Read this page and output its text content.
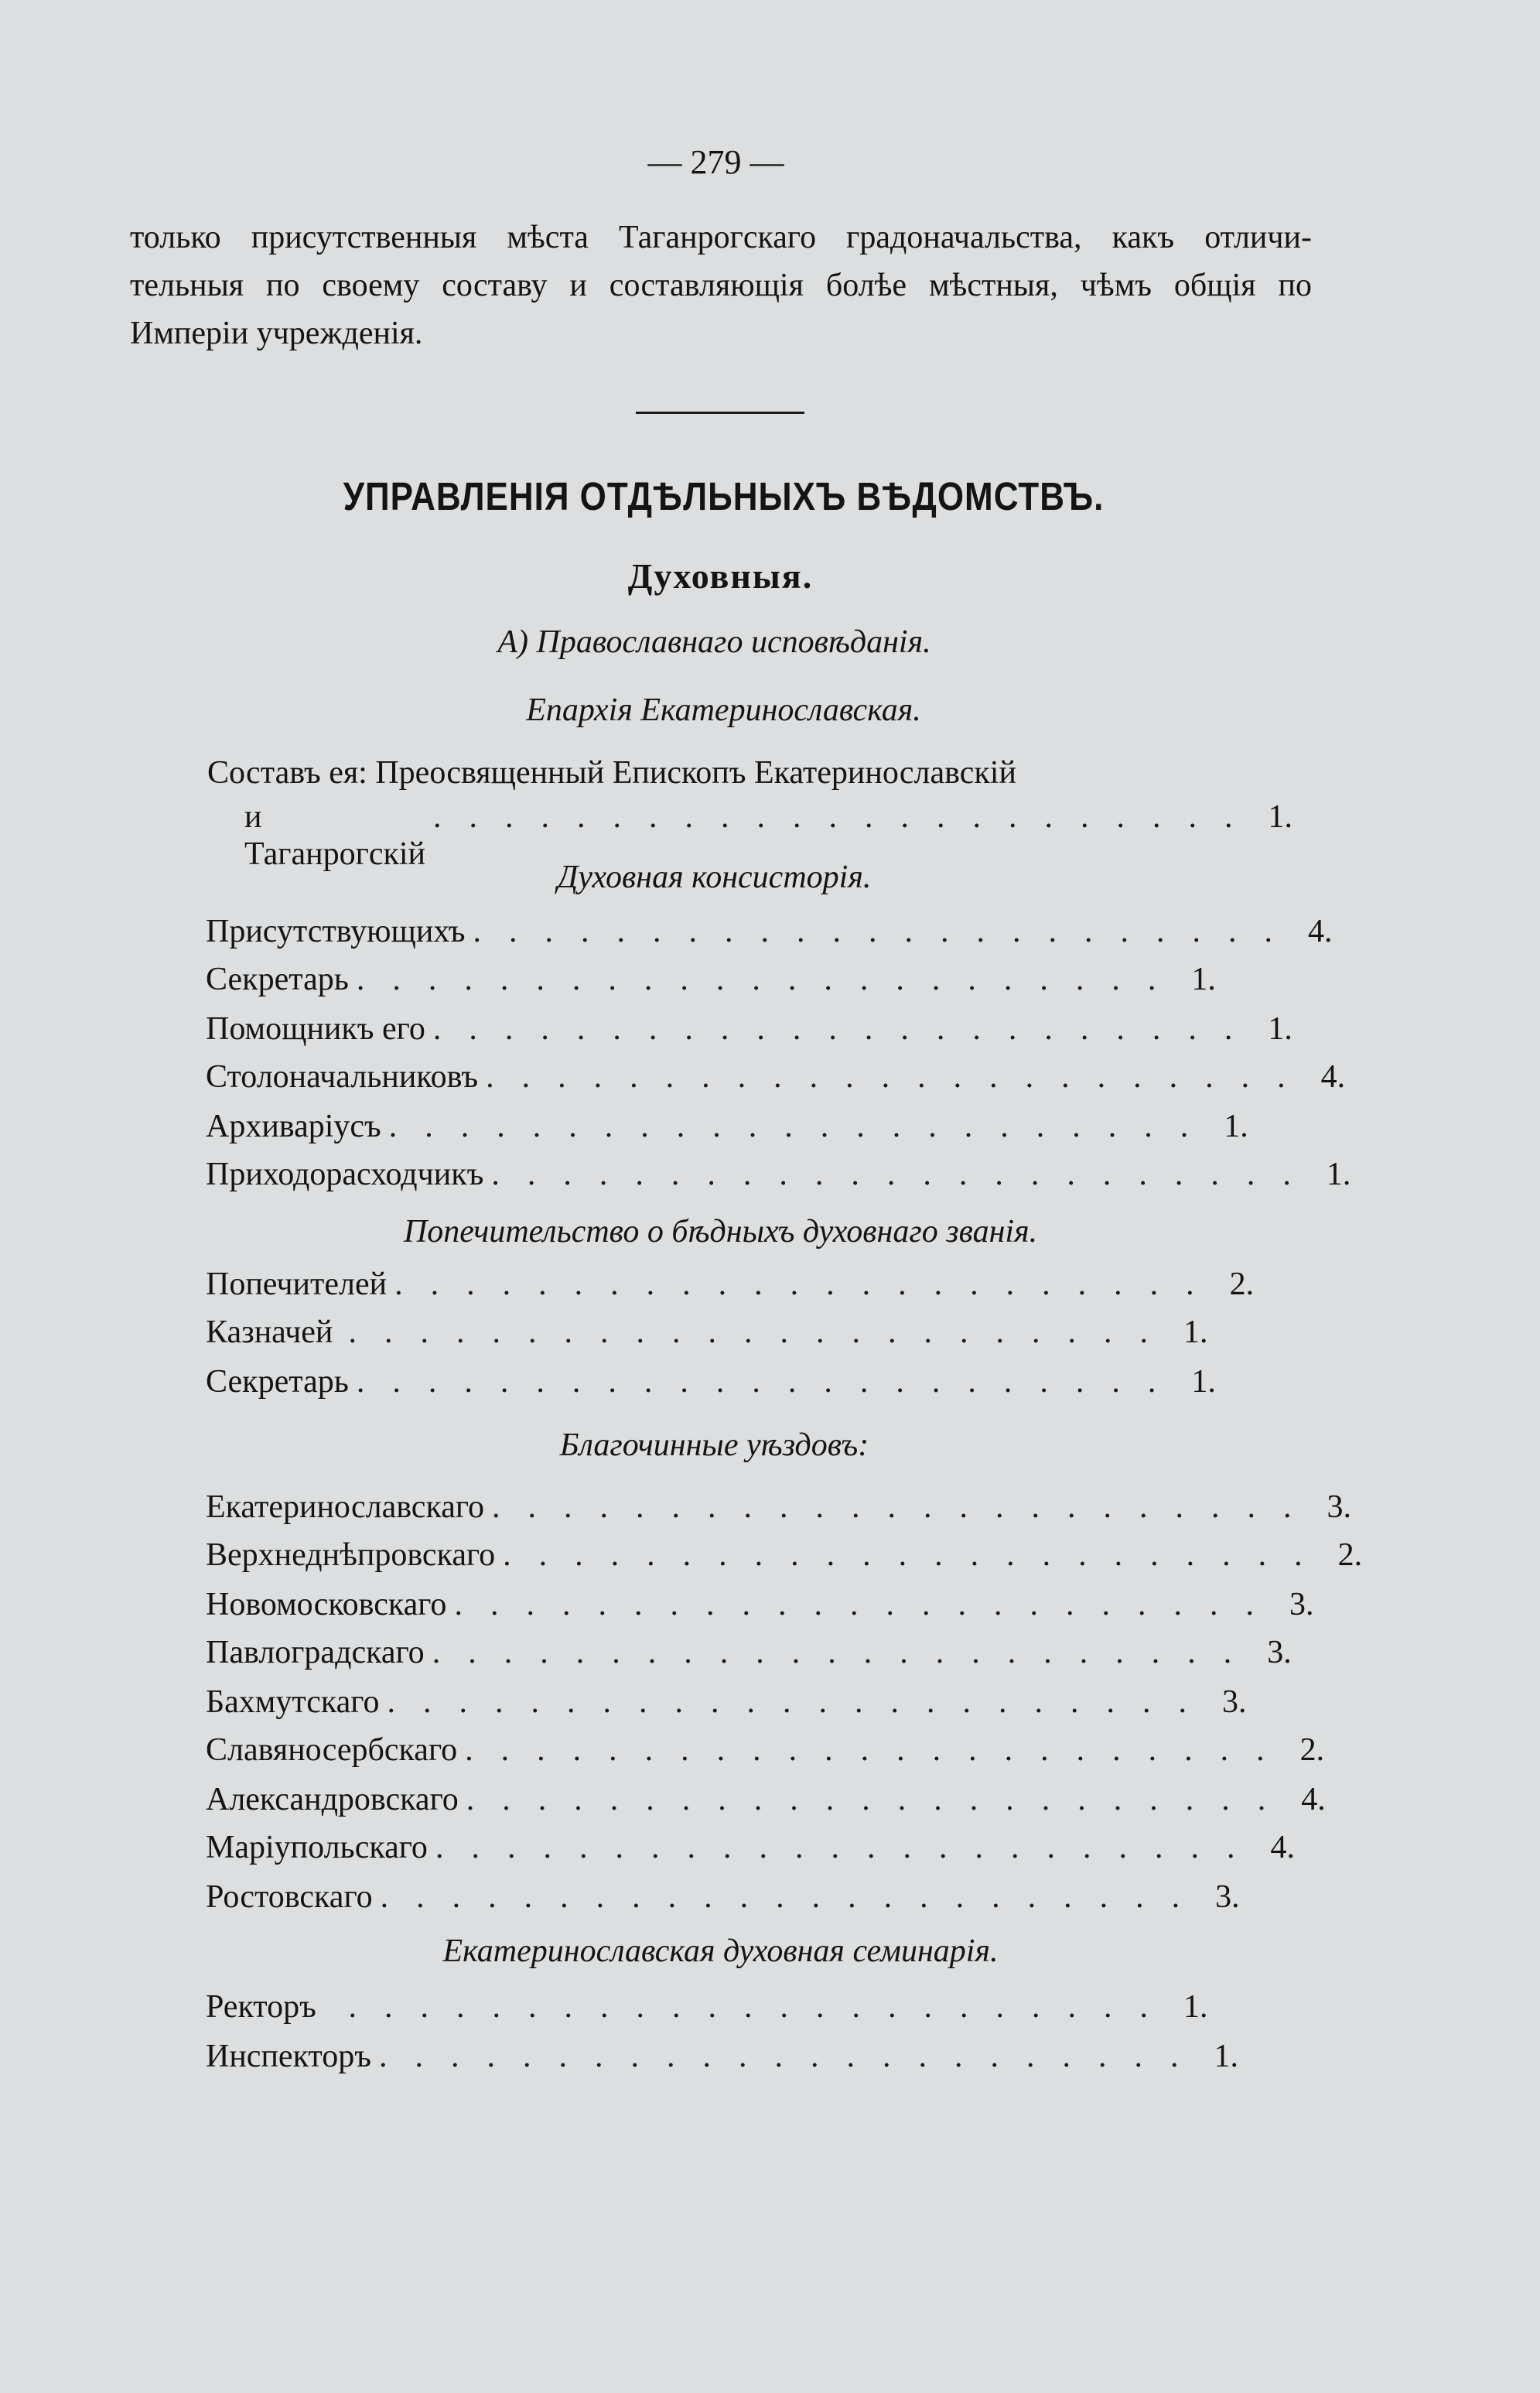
— 279 —
только присутственныя мѣста Таганрогскаго градоначальства, какъ отличи-
тельныя по своему составу и составляющія болѣе мѣстныя, чѣмъ общія по
Имперіи учрежденія.
УПРАВЛЕНІЯ ОТДѢЛЬНЫХЪ ВѢДОМСТВЪ.
Духовныя.
А) Православнаго исповѣданія.
Епархія Екатеринославская.
Составъ ея: Преосвященный Епископъ Екатеринославскій
и Таганрогскій
....................... 1.
Духовная консисторія.
Присутствующихъ ....................... 4.
Секретарь ....................... 1.
Помощникъ его ....................... 1.
Столоначальниковъ ....................... 4.
Архиваріусъ ....................... 1.
Приходорасходчикъ ....................... 1.
Попечительство о бѣдныхъ духовнаго званія.
Попечителей ....................... 2.
Казначей ....................... 1.
Секретарь ....................... 1.
Благочинные уѣздовъ:
Екатеринославскаго ....................... 3.
Верхнеднѣпровскаго ....................... 2.
Новомосковскаго ....................... 3.
Павлоградскаго ....................... 3.
Бахмутскаго ....................... 3.
Славяносербскаго ....................... 2.
Александровскаго ....................... 4.
Маріупольскаго ....................... 4.
Ростовскаго ....................... 3.
Екатеринославская духовная семинарія.
Ректоръ ....................... 1.
Инспекторъ ....................... 1.
